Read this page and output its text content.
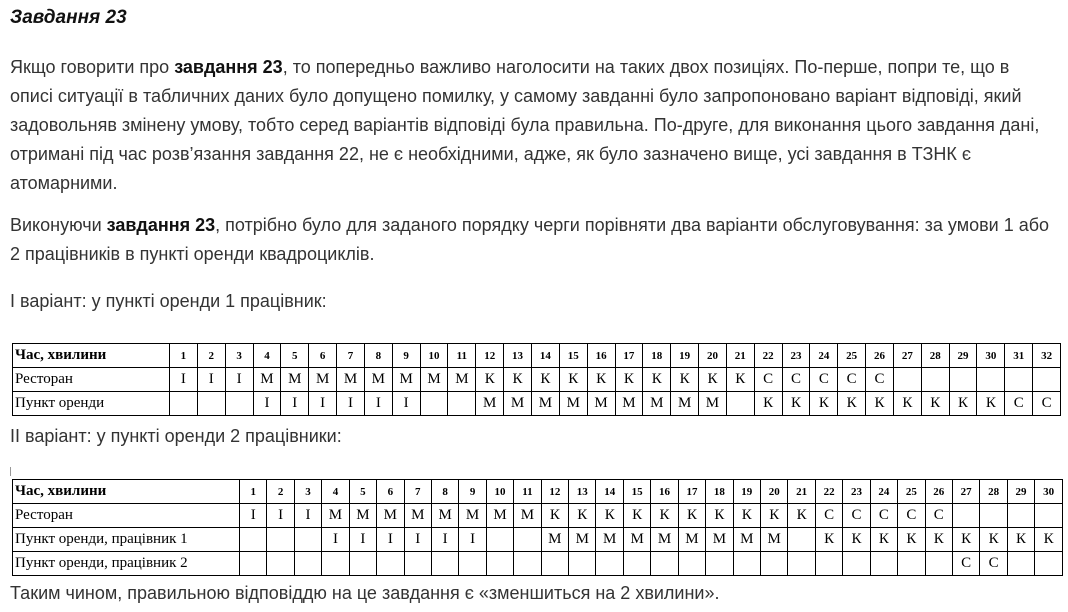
Завдання 23
Якщо говорити про завдання 23, то попередньо важливо наголосити на таких двох позиціях. По-перше, попри те, що в описі ситуації в табличних даних було допущено помилку, у самому завданні було запропоновано варіант відповіді, який задовольняв змінену умову, тобто серед варіантів відповіді була правильна. По-друге, для виконання цього завдання дані, отримані під час розв’язання завдання 22, не є необхідними, адже, як було зазначено вище, усі завдання в ТЗНК є атомарними.
Виконуючи завдання 23, потрібно було для заданого порядку черги порівняти два варіанти обслуговування: за умови 1 або 2 працівників в пункті оренди квадроциклів.
І варіант: у пункті оренди 1 працівник:
Час, хвилини	1	2	3	4	5	6	7	8	9	10	11	12	13	14	15	16	17	18	19	20	21	22	23	24	25	26	27	28	29	30	31	32
Ресторан	І	І	І	М	М	М	М	М	М	М	М	К	К	К	К	К	К	К	К	К	К	С	С	С	С	С						
Пункт оренди				І	І	І	І	І	І			М	М	М	М	М	М	М	М	М		К	К	К	К	К	К	К	К	К	С	С
ІІ варіант: у пункті оренди 2 працівники:
Час, хвилини	1	2	3	4	5	6	7	8	9	10	11	12	13	14	15	16	17	18	19	20	21	22	23	24	25	26	27	28	29	30
Ресторан	І	І	І	М	М	М	М	М	М	М	М	К	К	К	К	К	К	К	К	К	К	С	С	С	С	С				
Пункт оренди, працівник 1				І	І	І	І	І	І			М	М	М	М	М	М	М	М	М		К	К	К	К	К	К	К	К	К
Пункт оренди, працівник 2																											С	С		
Таким чином, правильною відповіддю на це завдання є «зменшиться на 2 хвилини».
